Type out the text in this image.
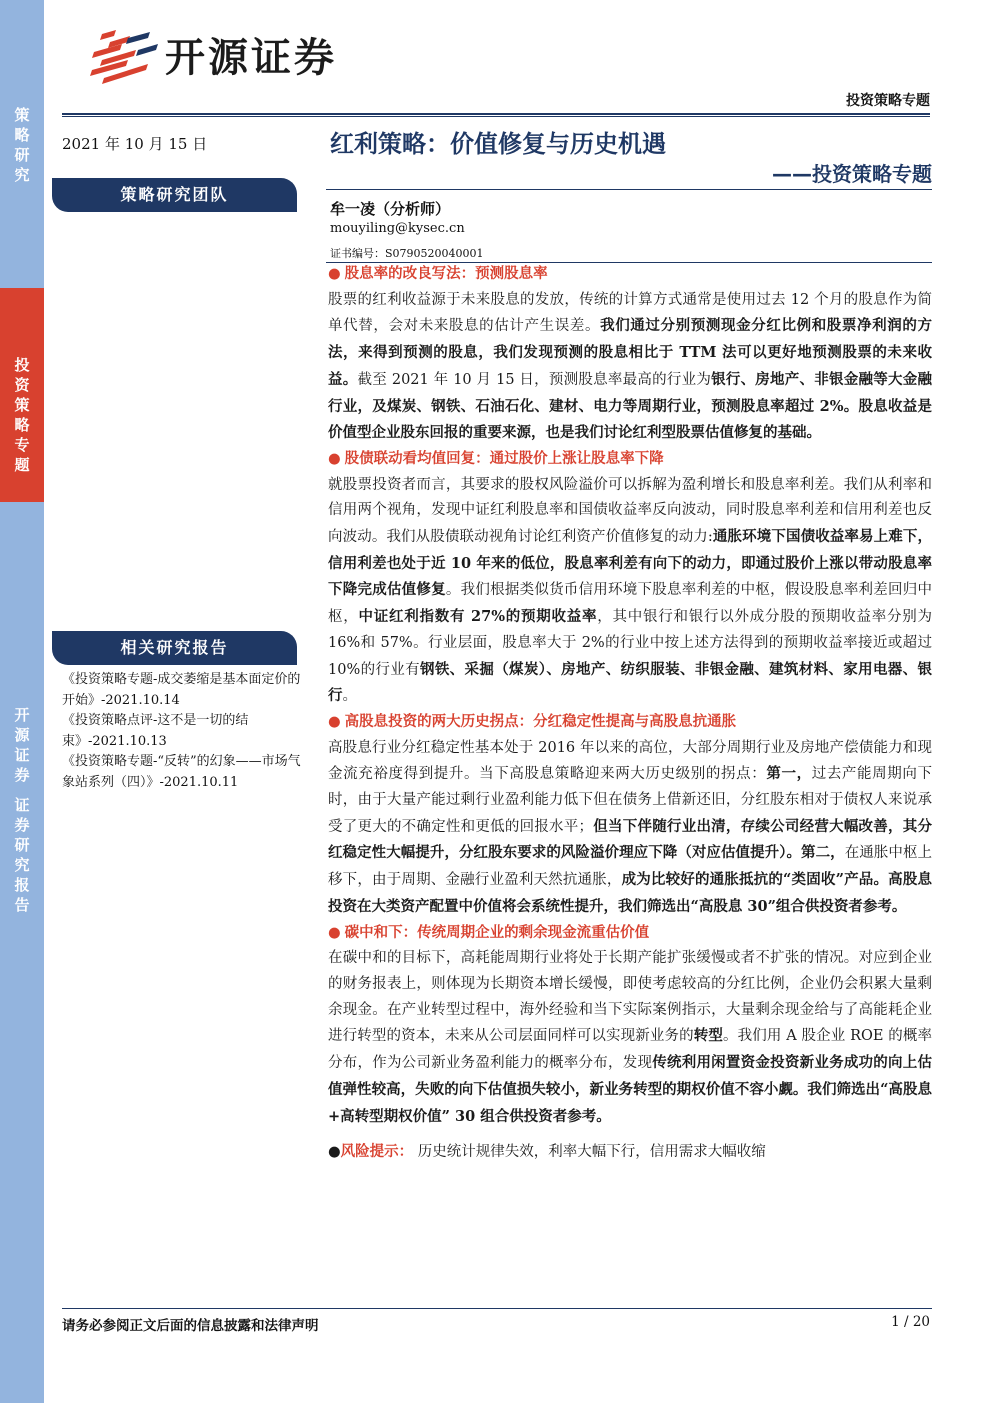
策
略
研
究
投
资
策
略
专
题
开
源
证
券

证
券
研
究
报
告
开源证券
投资策略专题
2021 年 10 月 15 日
策略研究团队
相关研究报告
《投资策略专题-成交萎缩是基本面定价的开始》-2021.10.14
《投资策略点评-这不是一切的结束》-2021.10.13
《投资策略专题-“反转”的幻象——市场气象站系列（四）》-2021.10.11
红利策略：价值修复与历史机遇
——投资策略专题
牟一凌（分析师）
mouyiling@kysec.cn
证书编号：S0790520040001
● 股息率的改良写法：预测股息率
股票的红利收益源于未来股息的发放，传统的计算方式通常是使用过去 12 个月的股息作为简单代替，会对未来股息的估计产生误差。我们通过分别预测现金分红比例和股票净利润的方法，来得到预测的股息，我们发现预测的股息相比于 TTM 法可以更好地预测股票的未来收益。截至 2021 年 10 月 15 日，预测股息率最高的行业为银行、房地产、非银金融等大金融行业，及煤炭、钢铁、石油石化、建材、电力等周期行业，预测股息率超过 2%。股息收益是价值型企业股东回报的重要来源，也是我们讨论红利型股票估值修复的基础。
● 股债联动看均值回复：通过股价上涨让股息率下降
就股票投资者而言，其要求的股权风险溢价可以拆解为盈利增长和股息率利差。我们从利率和信用两个视角，发现中证红利股息率和国债收益率反向波动，同时股息率利差和信用利差也反向波动。我们从股债联动视角讨论红利资产价值修复的动力:通胀环境下国债收益率易上难下，信用利差也处于近 10 年来的低位，股息率利差有向下的动力，即通过股价上涨以带动股息率下降完成估值修复。我们根据类似货币信用环境下股息率利差的中枢，假设股息率利差回归中枢，中证红利指数有 27%的预期收益率，其中银行和银行以外成分股的预期收益率分别为 16%和 57%。行业层面，股息率大于 2%的行业中按上述方法得到的预期收益率接近或超过 10%的行业有钢铁、采掘（煤炭）、房地产、纺织服装、非银金融、建筑材料、家用电器、银行。
● 高股息投资的两大历史拐点：分红稳定性提高与高股息抗通胀
高股息行业分红稳定性基本处于 2016 年以来的高位，大部分周期行业及房地产偿债能力和现金流充裕度得到提升。当下高股息策略迎来两大历史级别的拐点：第一，过去产能周期向下时，由于大量产能过剩行业盈利能力低下但在债务上借新还旧，分红股东相对于债权人来说承受了更大的不确定性和更低的回报水平；但当下伴随行业出清，存续公司经营大幅改善，其分红稳定性大幅提升，分红股东要求的风险溢价理应下降（对应估值提升）。第二，在通胀中枢上移下，由于周期、金融行业盈利天然抗通胀，成为比较好的通胀抵抗的“类固收”产品。高股息投资在大类资产配置中价值将会系统性提升，我们筛选出“高股息 30”组合供投资者参考。
● 碳中和下：传统周期企业的剩余现金流重估价值
在碳中和的目标下，高耗能周期行业将处于长期产能扩张缓慢或者不扩张的情况。对应到企业的财务报表上，则体现为长期资本增长缓慢，即使考虑较高的分红比例，企业仍会积累大量剩余现金。在产业转型过程中，海外经验和当下实际案例指示，大量剩余现金给与了高能耗企业进行转型的资本，未来从公司层面同样可以实现新业务的转型。我们用 A 股企业 ROE 的概率分布，作为公司新业务盈利能力的概率分布，发现传统利用闲置资金投资新业务成功的向上估值弹性较高，失败的向下估值损失较小，新业务转型的期权价值不容小觑。我们筛选出“高股息+高转型期权价值” 30 组合供投资者参考。
●风险提示： 历史统计规律失效，利率大幅下行，信用需求大幅收缩
请务必参阅正文后面的信息披露和法律声明	1 / 20
